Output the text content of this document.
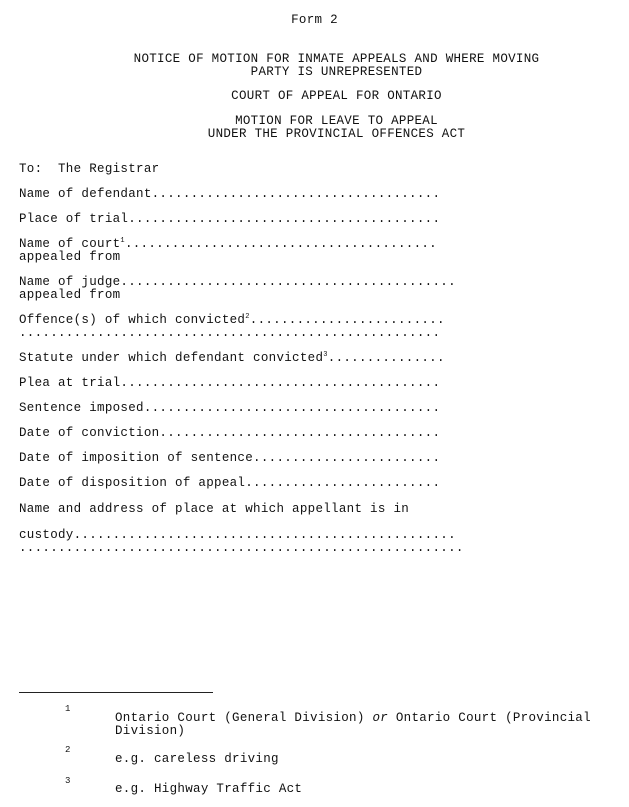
Form 2
NOTICE OF MOTION FOR INMATE APPEALS AND WHERE MOVING
PARTY IS UNREPRESENTED
COURT OF APPEAL FOR ONTARIO
MOTION FOR LEAVE TO APPEAL
UNDER THE PROVINCIAL OFFENCES ACT
To:  The Registrar
Name of defendant.....................................
Place of trial........................................
Name of court$^1$........................................
appealed from
Name of judge...........................................
appealed from
Offence(s) of which convicted$^2$.........................
......................................................
Statute under which defendant convicted$^3$...............
Plea at trial.........................................
Sentence imposed......................................
Date of conviction....................................
Date of imposition of sentence........................
Date of disposition of appeal.........................
Name and address of place at which appellant is in
custody.................................................
.........................................................
1
Ontario Court (General Division) or Ontario Court (Provincial
Division)
2
e.g. careless driving
3
e.g. Highway Traffic Act
